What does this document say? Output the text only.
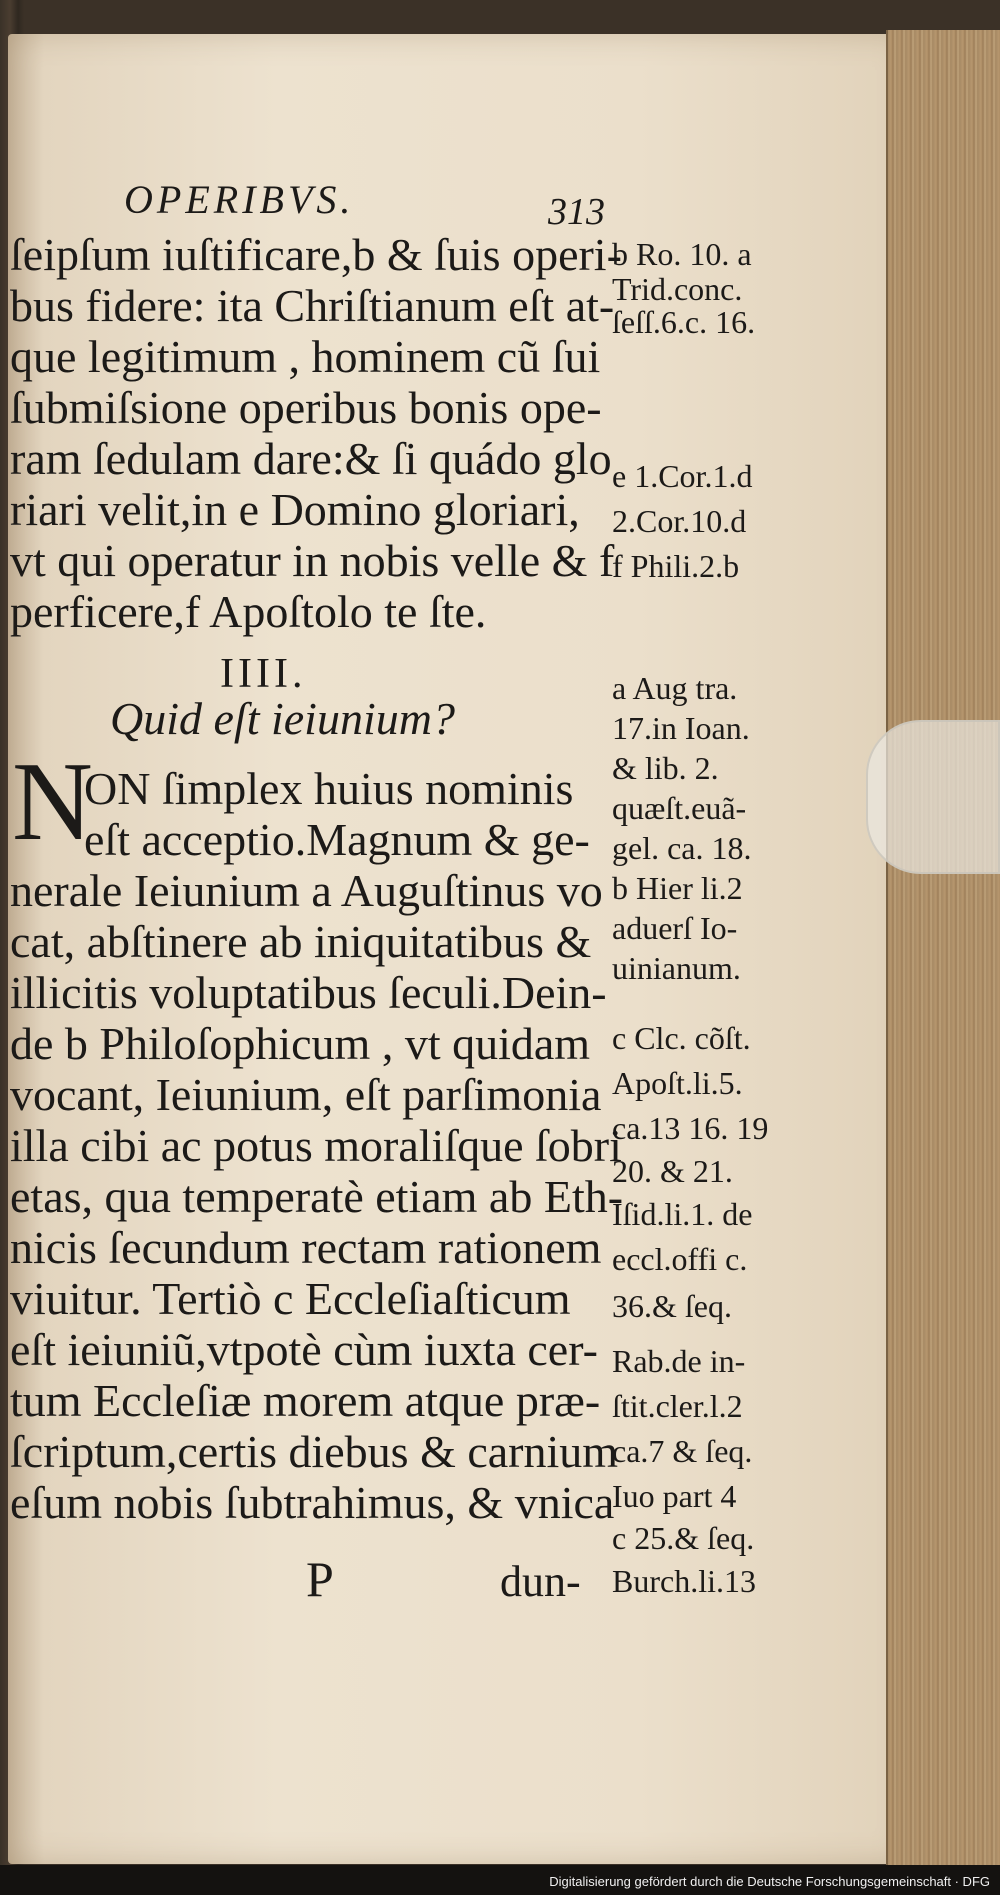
OPERIBVS.	313
ſeipſum iuſtificare,b & ſuis operi-
bus fidere: ita Chriſtianum eſt at-
que legitimum , hominem cũ ſui
ſubmiſsione operibus bonis ope-
ram ſedulam dare:& ſi quádo glo
riari velit,in e Domino gloriari,
vt qui operatur in nobis velle & f
perficere,f Apoſtolo te ſte.
IIII.
Quid eſt ieiunium?
N
ON ſimplex huius nominis
eſt acceptio.Magnum & ge-
nerale Ieiunium a Auguſtinus vo
cat, abſtinere ab iniquitatibus &
illicitis voluptatibus ſeculi.Dein-
de b Philoſophicum , vt quidam
vocant, Ieiunium, eſt parſimonia
illa cibi ac potus moraliſque ſobri
etas, qua temperatè etiam ab Eth-
nicis ſecundum rectam rationem
viuitur. Tertiò c Eccleſiaſticum
eſt ieiuniũ,vtpotè cùm iuxta cer-
tum Eccleſiæ morem atque præ-
ſcriptum,certis diebus & carnium
eſum nobis ſubtrahimus, & vnica
P	dun-
b Ro. 10. a
Trid.conc.
ſeſſ.6.c. 16.
e 1.Cor.1.d
2.Cor.10.d
f Phili.2.b
a Aug tra.
17.in Ioan.
& lib. 2.
quæſt.euã-
gel. ca. 18.
b Hier li.2
aduerſ Io-
uinianum.
c Clc. cõſt.
Apoſt.li.5.
ca.13 16. 19
20. & 21.
Iſid.li.1. de
eccl.offi c.
36.& ſeq.
Rab.de in-
ſtit.cler.l.2
ca.7 & ſeq.
Iuo part 4
c 25.& ſeq.
Burch.li.13
Digitalisierung gefördert durch die Deutsche Forschungsgemeinschaft · DFG
